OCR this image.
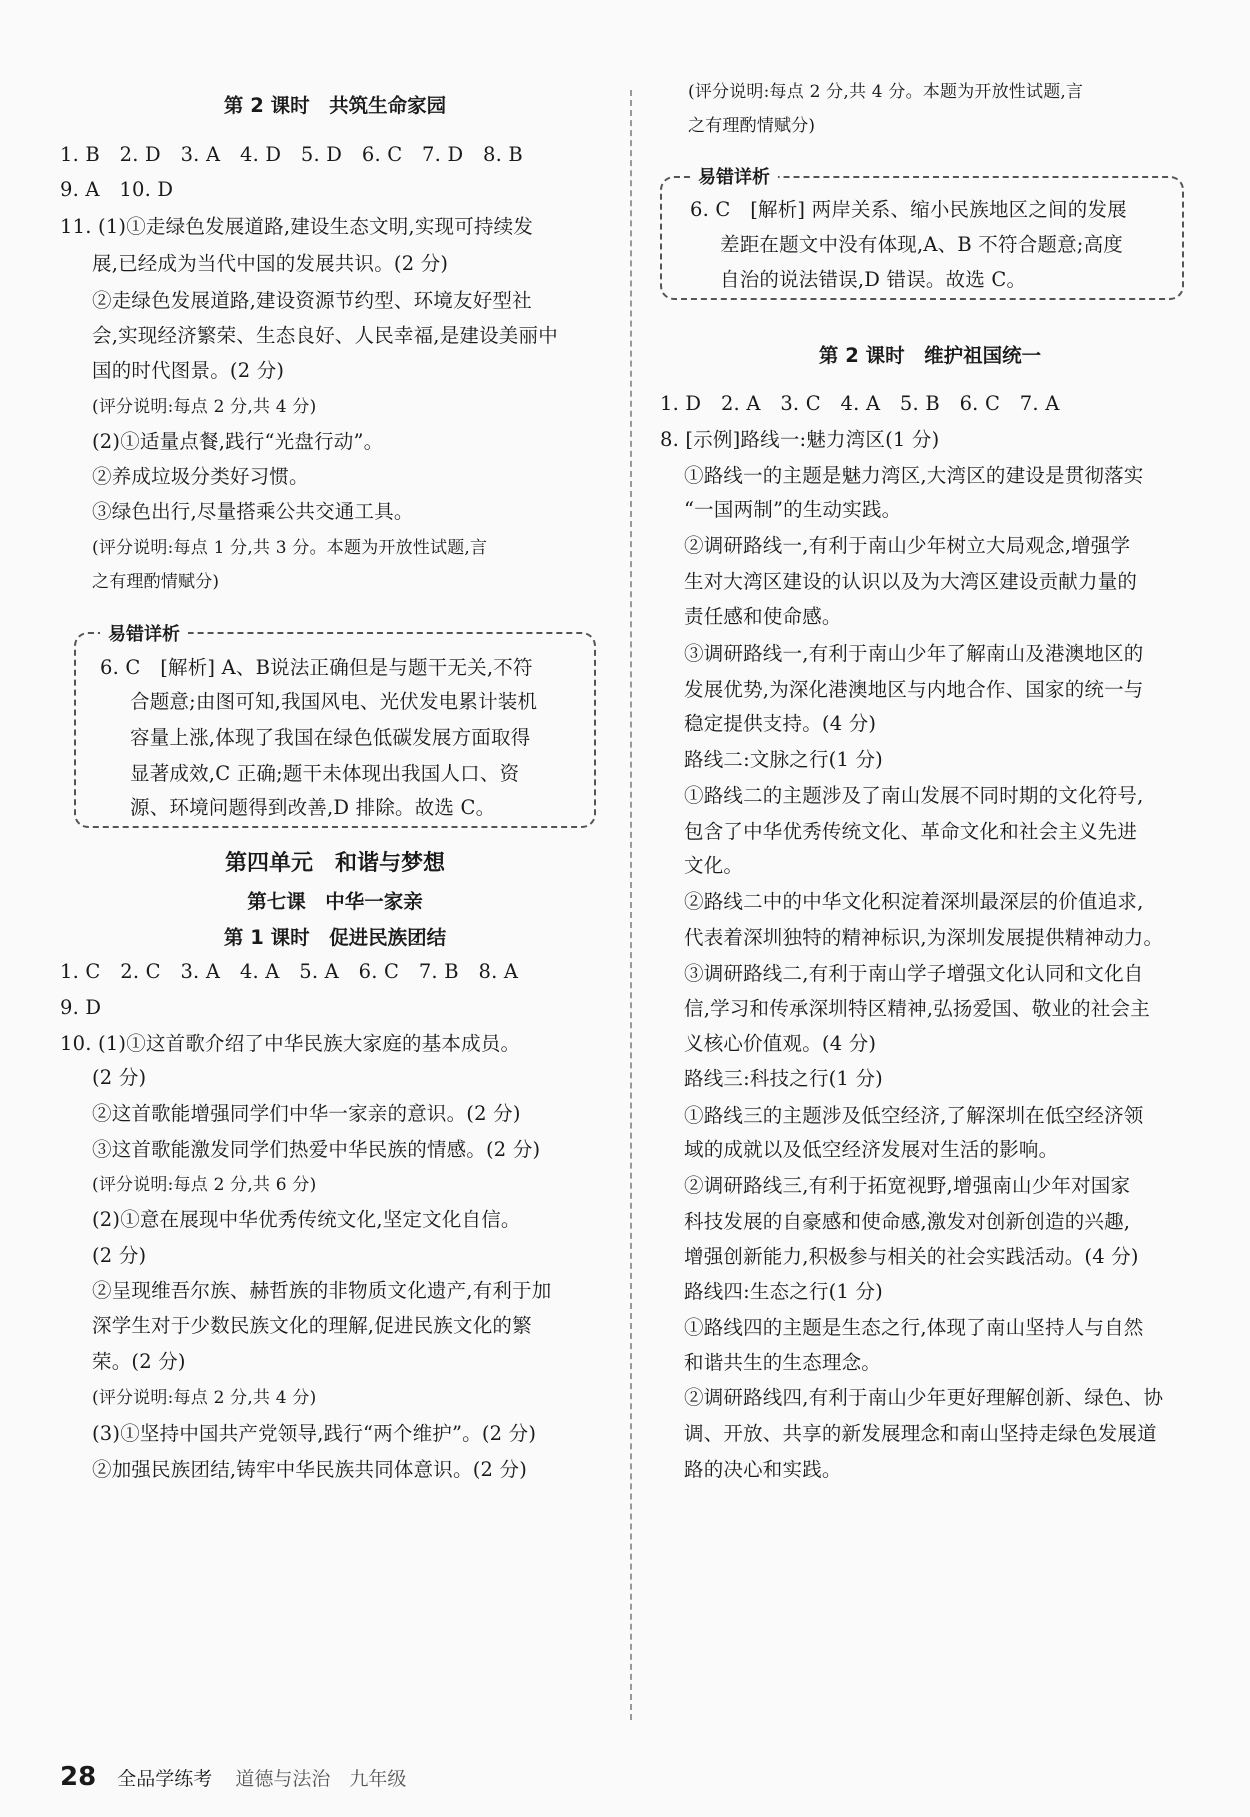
第 2 课时　共筑生命家园
1. B　2. D　3. A　4. D　5. D　6. C　7. D　8. B
9. A　10. D
11. (1)①走绿色发展道路,建设生态文明,实现可持续发
展,已经成为当代中国的发展共识。(2 分)
②走绿色发展道路,建设资源节约型、环境友好型社
会,实现经济繁荣、生态良好、人民幸福,是建设美丽中
国的时代图景。(2 分)
(评分说明:每点 2 分,共 4 分)
(2)①适量点餐,践行“光盘行动”。
②养成垃圾分类好习惯。
③绿色出行,尽量搭乘公共交通工具。
(评分说明:每点 1 分,共 3 分。本题为开放性试题,言
之有理酌情赋分)
易错详析
6. C　[解析] A、B说法正确但是与题干无关,不符
合题意;由图可知,我国风电、光伏发电累计装机
容量上涨,体现了我国在绿色低碳发展方面取得
显著成效,C 正确;题干未体现出我国人口、资
源、环境问题得到改善,D 排除。故选 C。
第四单元　和谐与梦想
第七课　中华一家亲
第 1 课时　促进民族团结
1. C　2. C　3. A　4. A　5. A　6. C　7. B　8. A
9. D
10. (1)①这首歌介绍了中华民族大家庭的基本成员。
(2 分)
②这首歌能增强同学们中华一家亲的意识。(2 分)
③这首歌能激发同学们热爱中华民族的情感。(2 分)
(评分说明:每点 2 分,共 6 分)
(2)①意在展现中华优秀传统文化,坚定文化自信。
(2 分)
②呈现维吾尔族、赫哲族的非物质文化遗产,有利于加
深学生对于少数民族文化的理解,促进民族文化的繁
荣。(2 分)
(评分说明:每点 2 分,共 4 分)
(3)①坚持中国共产党领导,践行“两个维护”。(2 分)
②加强民族团结,铸牢中华民族共同体意识。(2 分)
(评分说明:每点 2 分,共 4 分。本题为开放性试题,言
之有理酌情赋分)
易错详析
6. C　[解析] 两岸关系、缩小民族地区之间的发展
差距在题文中没有体现,A、B 不符合题意;高度
自治的说法错误,D 错误。故选 C。
第 2 课时　维护祖国统一
1. D　2. A　3. C　4. A　5. B　6. C　7. A
8. [示例]路线一:魅力湾区(1 分)
①路线一的主题是魅力湾区,大湾区的建设是贯彻落实
“一国两制”的生动实践。
②调研路线一,有利于南山少年树立大局观念,增强学
生对大湾区建设的认识以及为大湾区建设贡献力量的
责任感和使命感。
③调研路线一,有利于南山少年了解南山及港澳地区的
发展优势,为深化港澳地区与内地合作、国家的统一与
稳定提供支持。(4 分)
路线二:文脉之行(1 分)
①路线二的主题涉及了南山发展不同时期的文化符号,
包含了中华优秀传统文化、革命文化和社会主义先进
文化。
②路线二中的中华文化积淀着深圳最深层的价值追求,
代表着深圳独特的精神标识,为深圳发展提供精神动力。
③调研路线二,有利于南山学子增强文化认同和文化自
信,学习和传承深圳特区精神,弘扬爱国、敬业的社会主
义核心价值观。(4 分)
路线三:科技之行(1 分)
①路线三的主题涉及低空经济,了解深圳在低空经济领
域的成就以及低空经济发展对生活的影响。
②调研路线三,有利于拓宽视野,增强南山少年对国家
科技发展的自豪感和使命感,激发对创新创造的兴趣,
增强创新能力,积极参与相关的社会实践活动。(4 分)
路线四:生态之行(1 分)
①路线四的主题是生态之行,体现了南山坚持人与自然
和谐共生的生态理念。
②调研路线四,有利于南山少年更好理解创新、绿色、协
调、开放、共享的新发展理念和南山坚持走绿色发展道
路的决心和实践。
28 全品学练考 道德与法治　九年级
